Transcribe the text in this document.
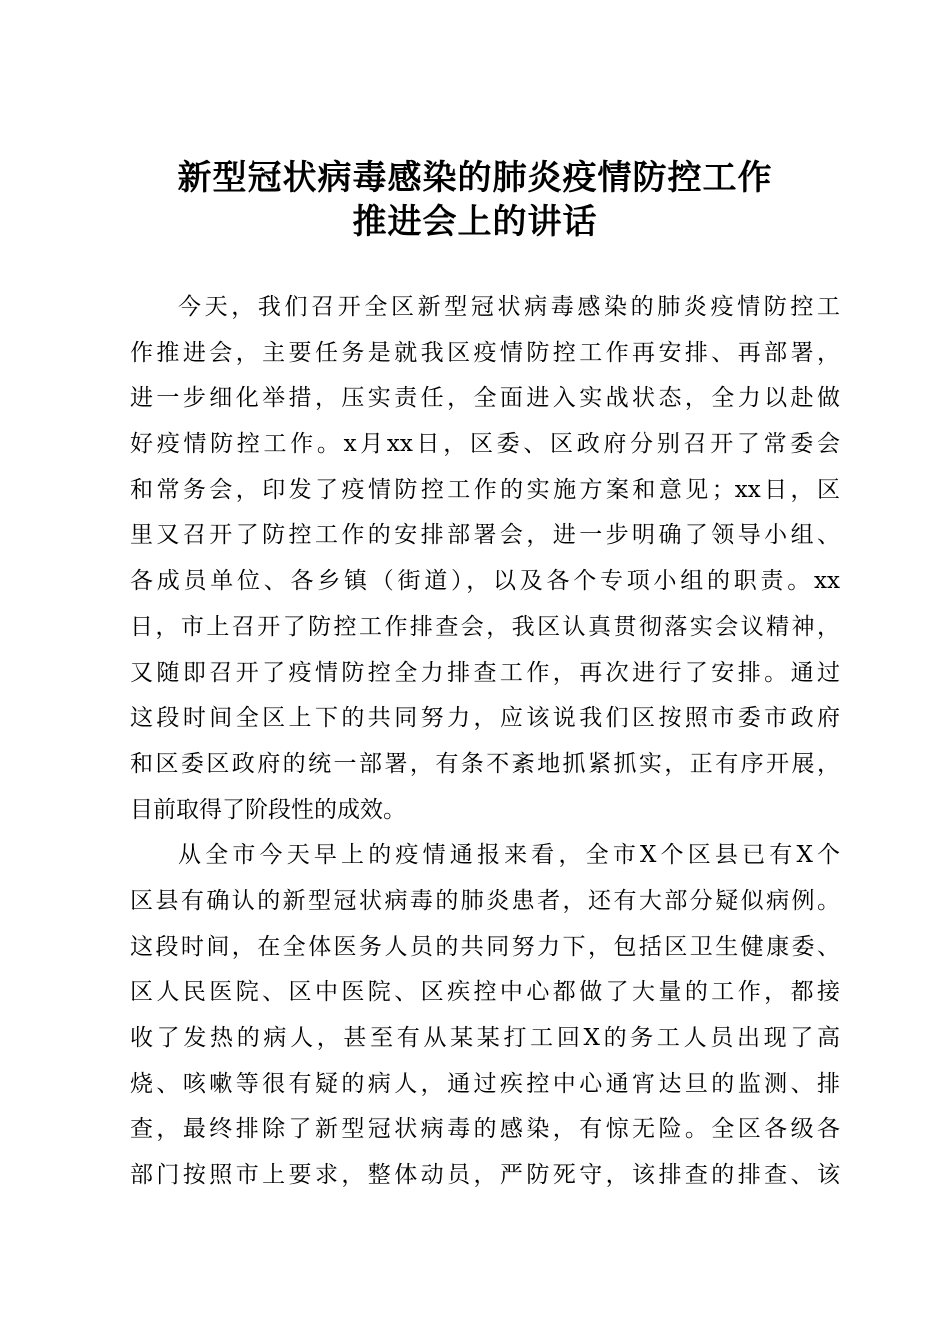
新型冠状病毒感染的肺炎疫情防控工作
推进会上的讲话
今天，我们召开全区新型冠状病毒感染的肺炎疫情防控工
作推进会，主要任务是就我区疫情防控工作再安排、再部署，
进一步细化举措，压实责任，全面进入实战状态，全力以赴做
好疫情防控工作。x月xx日，区委、区政府分别召开了常委会
和常务会，印发了疫情防控工作的实施方案和意见；xx日，区
里又召开了防控工作的安排部署会，进一步明确了领导小组、
各成员单位、各乡镇（街道），以及各个专项小组的职责。xx
日，市上召开了防控工作排查会，我区认真贯彻落实会议精神，
又随即召开了疫情防控全力排查工作，再次进行了安排。通过
这段时间全区上下的共同努力，应该说我们区按照市委市政府
和区委区政府的统一部署，有条不紊地抓紧抓实，正有序开展，
目前取得了阶段性的成效。
从全市今天早上的疫情通报来看，全市X个区县已有X个
区县有确认的新型冠状病毒的肺炎患者，还有大部分疑似病例。
这段时间，在全体医务人员的共同努力下，包括区卫生健康委、
区人民医院、区中医院、区疾控中心都做了大量的工作，都接
收了发热的病人，甚至有从某某打工回X的务工人员出现了高
烧、咳嗽等很有疑的病人，通过疾控中心通宵达旦的监测、排
查，最终排除了新型冠状病毒的感染，有惊无险。全区各级各
部门按照市上要求，整体动员，严防死守，该排查的排查、该
